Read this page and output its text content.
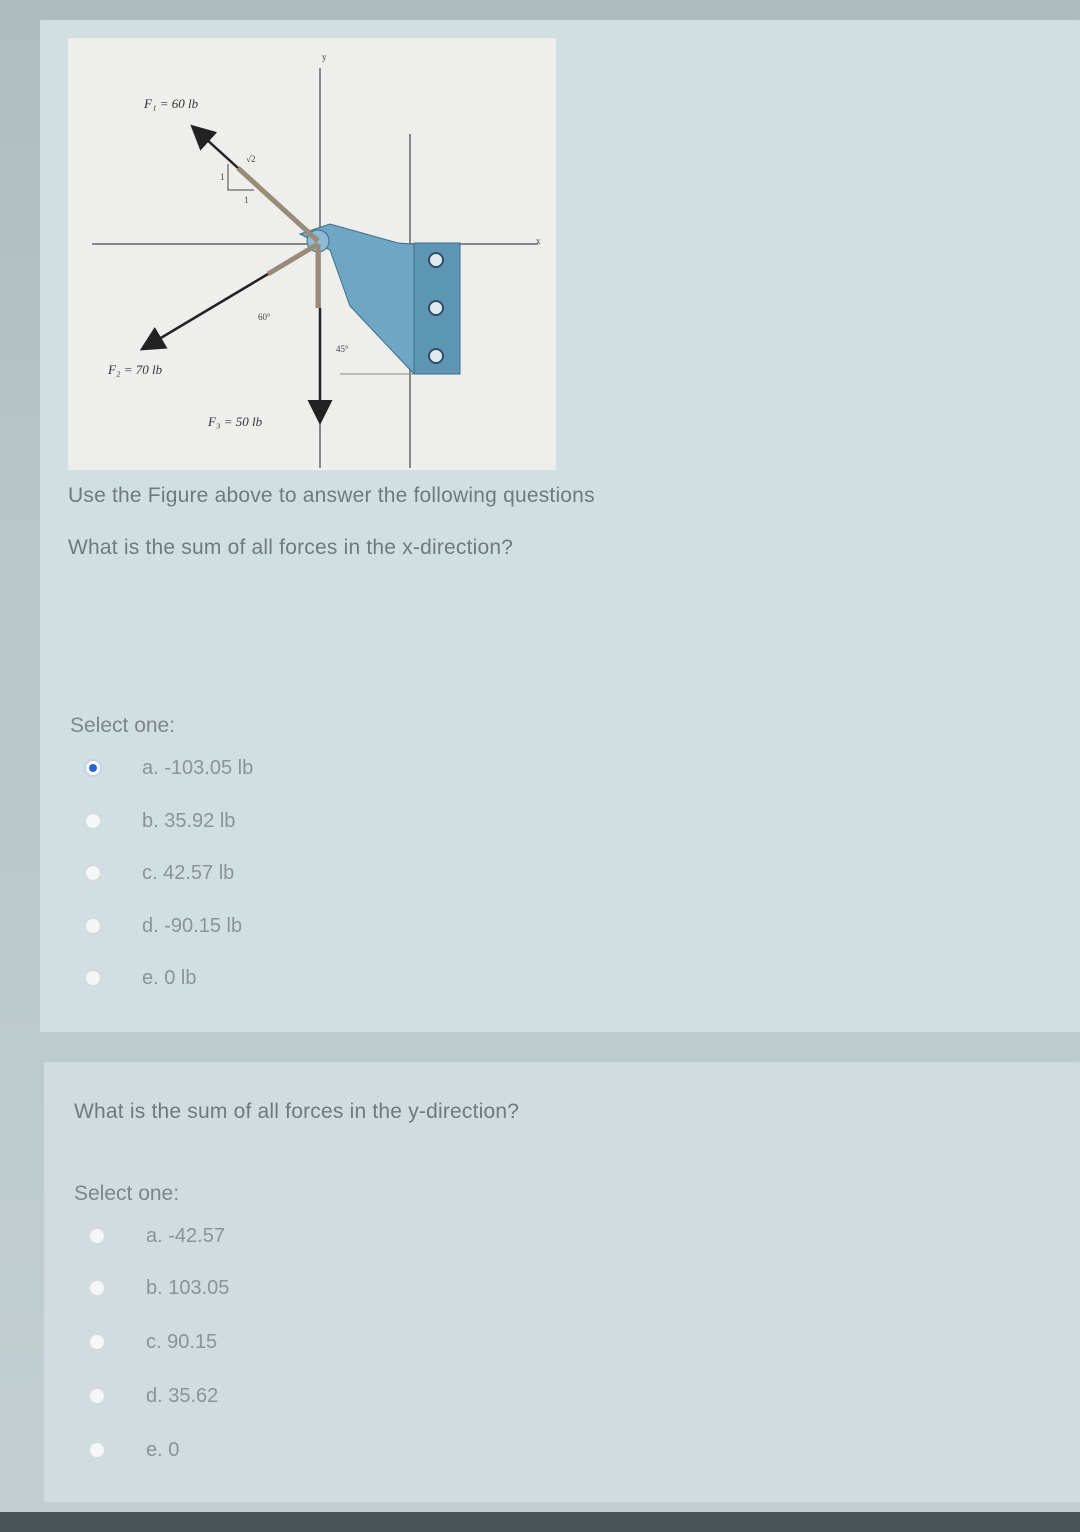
x
y
1
1
√2
60°
45°
F₁ = 60 lb
F₂ = 70 lb
F₃ = 50 lb
Use the Figure above to answer the following questions
What is the sum of all forces in the x-direction?
Select one:
a. -103.05 lb
b. 35.92 lb
c. 42.57 lb
d. -90.15 lb
e. 0 lb
What is the sum of all forces in the y-direction?
Select one:
a. -42.57
b. 103.05
c. 90.15
d. 35.62
e. 0
